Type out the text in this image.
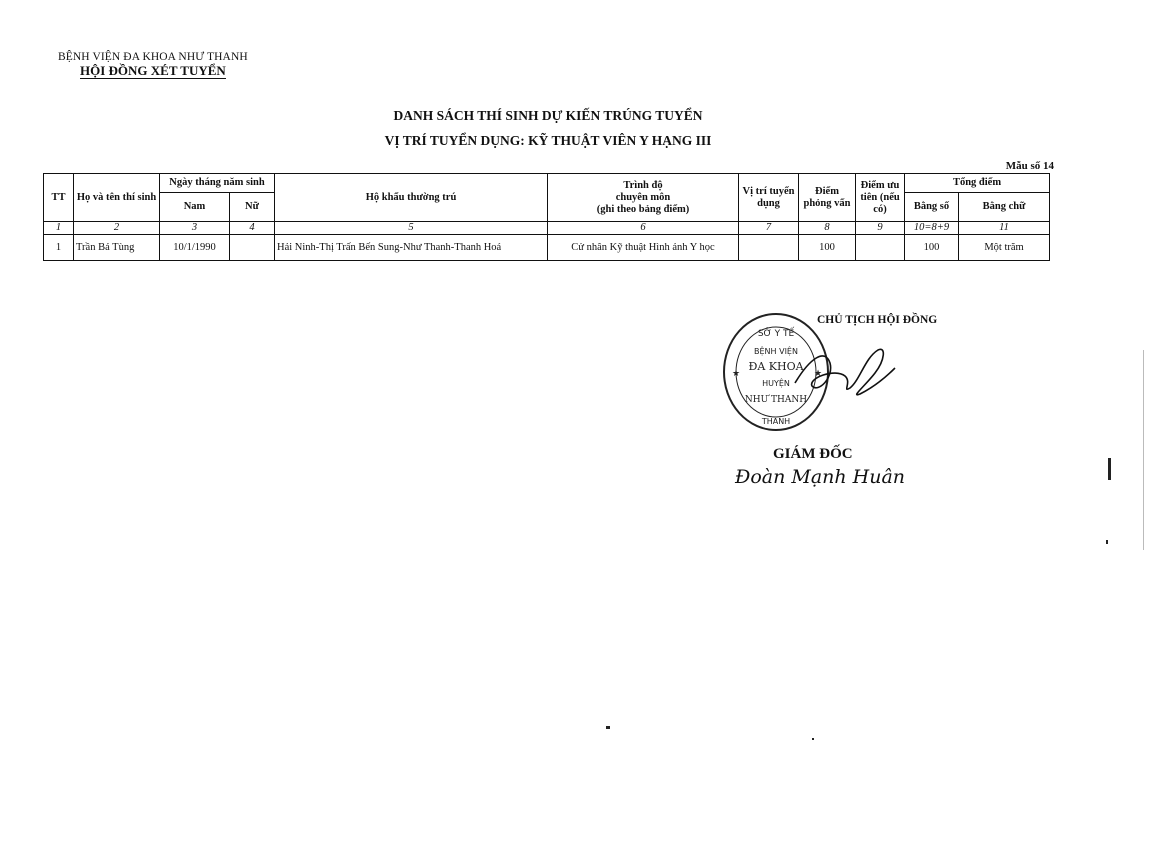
BỆNH VIỆN ĐA KHOA NHƯ THANH
HỘI ĐỒNG XÉT TUYỂN
DANH SÁCH THÍ SINH DỰ KIẾN TRÚNG TUYỂN
VỊ TRÍ TUYỂN DỤNG: KỸ THUẬT VIÊN Y HẠNG III
Mẫu số 14
TT	Họ và tên thí sinh	Ngày tháng năm sinh		Hộ khẩu thường trú	Trình độ
chuyên môn
(ghi theo bảng điểm)	Vị trí tuyển dụng	Điểm phỏng vấn	Điểm ưu tiên (nếu có)	Tổng điểm	
		Nam	Nữ						Bằng số	Bằng chữ
1	2	3	4	5	6	7	8	9	10=8+9	11
1	Trần Bá Tùng	10/1/1990		Hải Ninh-Thị Trấn Bến Sung-Như Thanh-Thanh Hoá	Cử nhân Kỹ thuật Hình ảnh Y học		100		100	Một trăm
CHỦ TỊCH HỘI ĐỒNG
SỞ Y TẾ
BỆNH VIỆN
ĐA KHOA
HUYỆN
NHƯ THANH
THANH
★	★
GIÁM ĐỐC
Đoàn Mạnh Huân
